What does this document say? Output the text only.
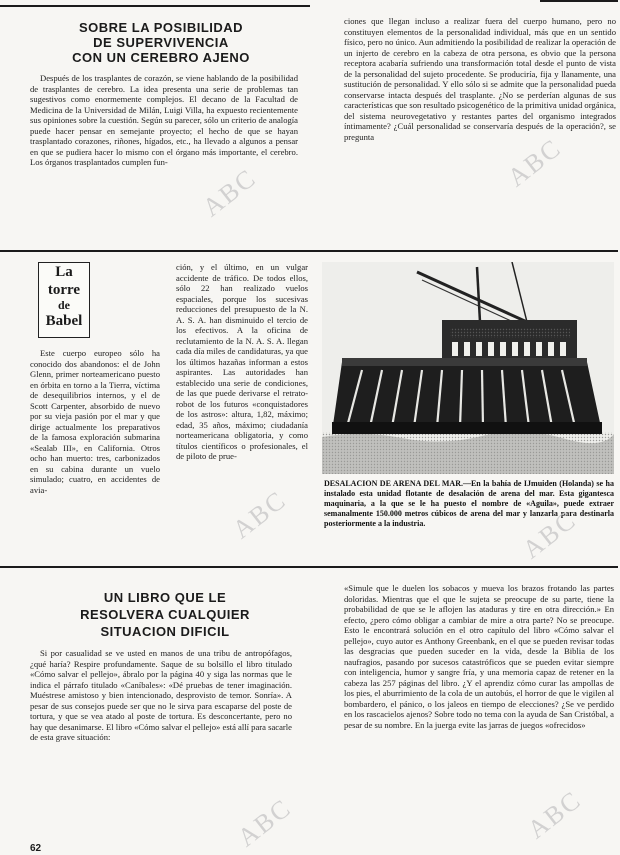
SOBRE LA POSIBILIDAD
DE SUPERVIVENCIA
CON UN CEREBRO AJENO

Después de los trasplantes de corazón, se viene hablando de la posibilidad de trasplantes de cerebro. La idea presenta una serie de problemas tan sugestivos como enormemente complejos. El decano de la Facultad de Medicina de la Universidad de Milán, Luigi Villa, ha expuesto recientemente sus opiniones sobre la cuestión. Según su parecer, sólo un criterio de analogía puede hacer pensar en semejante proyecto; el hecho de que se hayan trasplantado corazones, riñones, hígados, etc., ha llevado a algunos a pensar en que se pudiera hacer lo mismo con el órgano más importante, el cerebro. Los órganos trasplantados cumplen fun-

ciones que llegan incluso a realizar fuera del cuerpo humano, pero no constituyen elementos de la personalidad individual, más que en un sentido físico, pero no único. Aun admitiendo la posibilidad de realizar la operación de un injerto de cerebro en la cabeza de otra persona, es obvio que la persona receptora acabaría sufriendo una transformación total desde el punto de vista de la personalidad del sujeto procedente. Se produciría, fija y llanamente, una sustitución de personalidad. Y ello sólo si se admite que la personalidad pueda conservarse intacta después del trasplante. ¿No se perderían algunas de sus características que son resultado psicogenético de la primitiva unidad orgánica, del sistema neurovegetativo y restantes partes del organismo integrados íntimamente? ¿Cuál personalidad se conservaría después de la operación?, se pregunta

La
torre
de
Babel

Este cuerpo europeo sólo ha conocido dos abandonos: el de John Glenn, primer norteamericano puesto en órbita en torno a la Tierra, víctima de desequilibrios internos, y el de Scott Carpenter, absorbido de nuevo por su vieja pasión por el mar y que dirige actualmente los preparativos de la famosa exploración submarina «Sealab III», en California. Otros ocho han muerto: tres, carbonizados en su cabina durante un vuelo simulado; cuatro, en accidentes de avia-

ción, y el último, en un vulgar accidente de tráfico. De todos ellos, sólo 22 han realizado vuelos espaciales, porque los sucesivas reducciones del presupuesto de la N. A. S. A. han disminuido el tercio de los efectivos. A la oficina de reclutamiento de la N. A. S. A. llegan cada día miles de candidaturas, ya que los últimos hazañas informan a estos aspirantes. Las autoridades han establecido una serie de condiciones, de las que puede derivarse el retrato-robot de los futuros «conquistadores de los astros»: altura, 1,82, máximo; edad, 35 años, máximo; ciudadanía norteamericana obligatoria, y como títulos científicos o profesionales, el de piloto de prue-

DESALACION DE ARENA DEL MAR.—En la bahía de IJmuiden (Holanda) se ha instalado esta unidad flotante de desalación de arena del mar. Esta gigantesca maquinaria, a la que se le ha puesto el nombre de «Aguila», puede extraer semanalmente 150.000 metros cúbicos de arena del mar y lanzarla para destinarla posteriormente a la industria.
UN LIBRO QUE LE
RESOLVERA CUALQUIER
SITUACION DIFICIL

Si por casualidad se ve usted en manos de una tribu de antropófagos, ¿qué haría? Respire profundamente. Saque de su bolsillo el libro titulado «Cómo salvar el pellejo», ábralo por la página 40 y siga las normas que le indica el párrafo titulado «Caníbales»: «Dé pruebas de tener imaginación. Muéstrese amistoso y bien intencionado, desprovisto de temor. Sonría». A pesar de sus consejos puede ser que no le sirva para escaparse del poste de tortura, y que se vea atado al poste de tortura. Es desconcertante, pero no hay que desanimarse. El libro «Cómo salvar el pellejo» está allí para sacarle de esta grave situación:

«Simule que le duelen los sobacos y mueva los brazos frotando las partes doloridas. Mientras que el que le sujeta se preocupe de su parte, tiene la probabilidad de que se le aflojen las ataduras y tire en otra dirección.» En efecto, ¿pero cómo obligar a cambiar de mire a otra parte? No se preocupe. Esto le encontrará solución en el otro capítulo del libro «Cómo salvar el pellejo», cuyo autor es Anthony Greenbank, en el que se pueden revisar todas las desgracias que pueden suceder en la vida, desde la Biblia de los naufragios, pasando por sucesos catastróficos que se pueden evitar siempre con inteligencia, humor y sangre fría, y una memoria capaz de retener en la cabeza las 257 páginas del libro. ¿Y el aprendiz cómo curar las ampollas de los pies, el aburrimiento de la cola de un autobús, el horror de que le vigilen al bombardero, el pánico, o los jaleos en tiempo de elecciones? ¿Se ve perdido en los rascacielos ajenos? Sobre todo no tema con la ayuda de San Cristóbal, a pesar de su nombre. En la juerga evite las jarras de juegos «ofrecidos»

62
ABC
ABC
ABC	ABC
ABC	ABC
